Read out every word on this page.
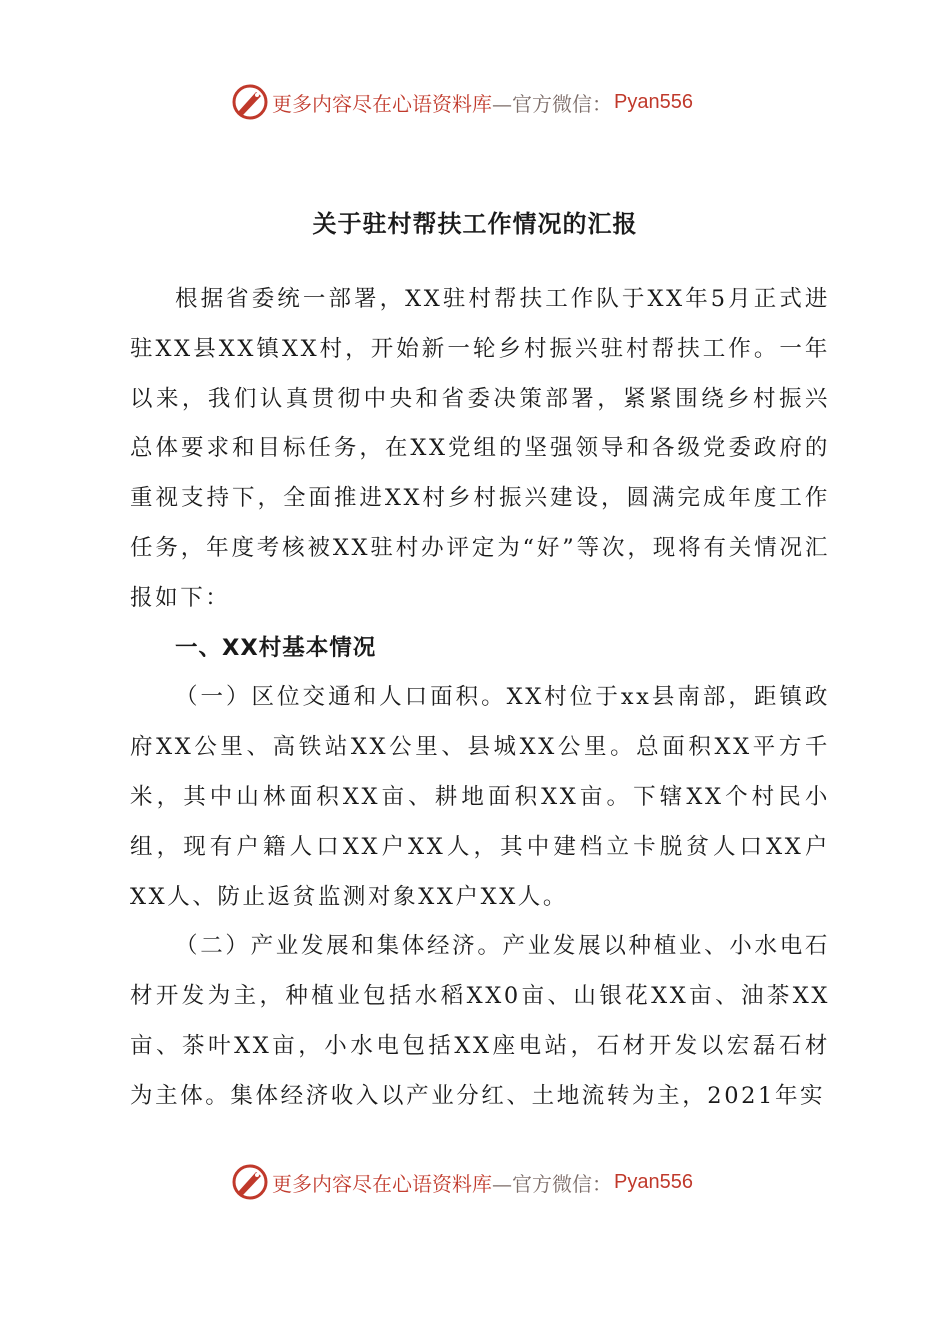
更多内容尽在心语资料库 —官方微信： Pyan556
关于驻村帮扶工作情况的汇报

根据省委统一部署，XX驻村帮扶工作队于XX年5月正式进驻XX县XX镇XX村，开始新一轮乡村振兴驻村帮扶工作。一年以来，我们认真贯彻中央和省委决策部署，紧紧围绕乡村振兴总体要求和目标任务，在XX党组的坚强领导和各级党委政府的重视支持下，全面推进XX村乡村振兴建设，圆满完成年度工作任务，年度考核被XX驻村办评定为“好”等次，现将有关情况汇报如下：

一、XX村基本情况

（一）区位交通和人口面积。XX村位于xx县南部，距镇政府XX公里、高铁站XX公里、县城XX公里。总面积XX平方千米，其中山林面积XX亩、耕地面积XX亩。下辖XX个村民小组，现有户籍人口XX户XX人，其中建档立卡脱贫人口XX户XX人、防止返贫监测对象XX户XX人。

（二）产业发展和集体经济。产业发展以种植业、小水电石材开发为主，种植业包括水稻XX0亩、山银花XX亩、油茶XX亩、茶叶XX亩，小水电包括XX座电站，石材开发以宏磊石材为主体。集体经济收入以产业分红、土地流转为主，2021年实

更多内容尽在心语资料库 —官方微信： Pyan556
